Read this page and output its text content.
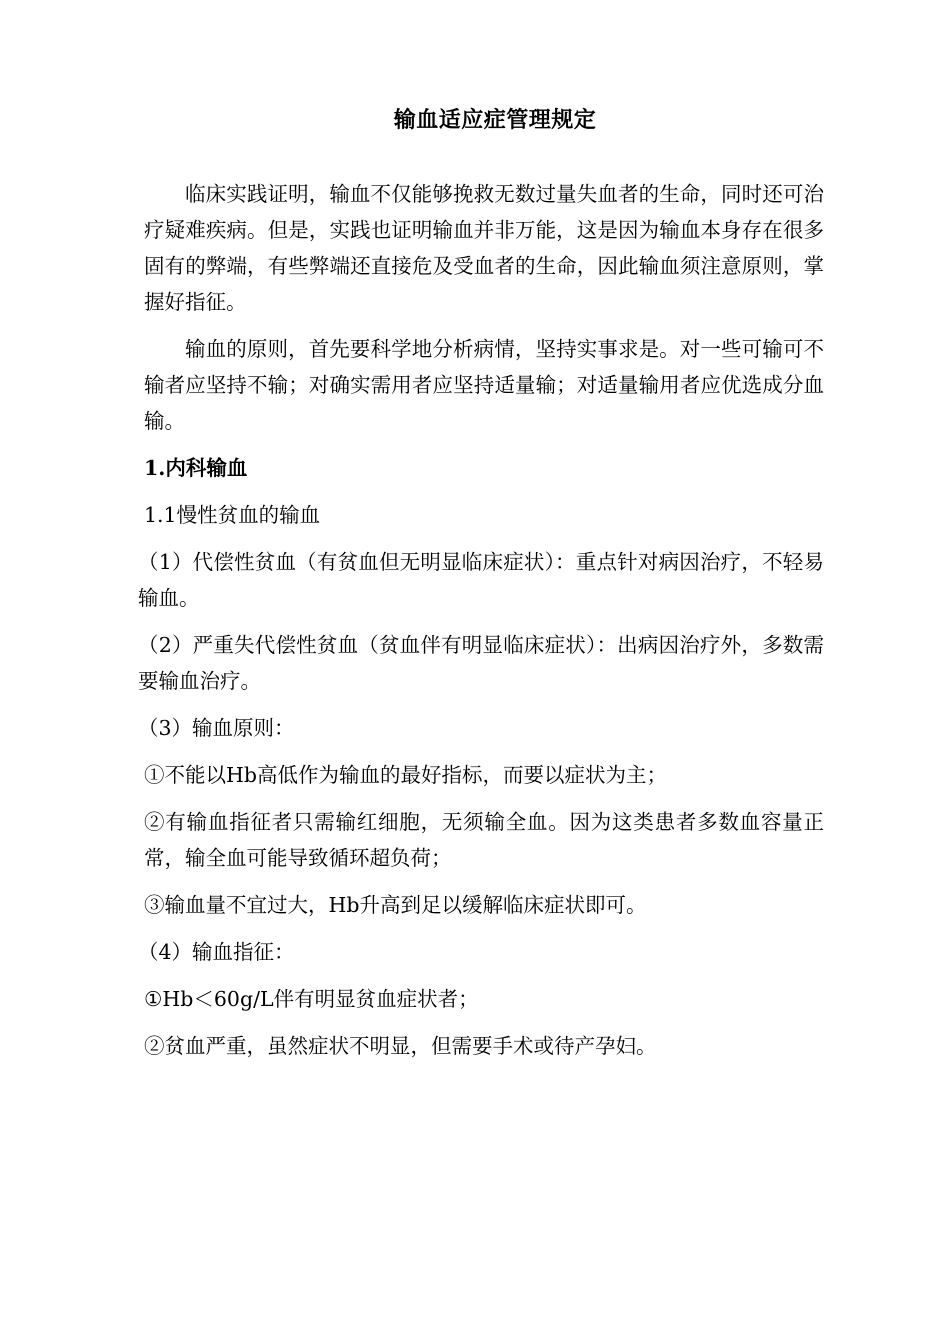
输血适应症管理规定

临床实践证明，输血不仅能够挽救无数过量失血者的生命，同时还可治疗疑难疾病。但是，实践也证明输血并非万能，这是因为输血本身存在很多固有的弊端，有些弊端还直接危及受血者的生命，因此输血须注意原则，掌握好指征。

输血的原则，首先要科学地分析病情，坚持实事求是。对一些可输可不输者应坚持不输；对确实需用者应坚持适量输；对适量输用者应优选成分血输。

1.内科输血

1.1慢性贫血的输血

（1）代偿性贫血（有贫血但无明显临床症状）：重点针对病因治疗，不轻易输血。

（2）严重失代偿性贫血（贫血伴有明显临床症状）：出病因治疗外，多数需要输血治疗。

（3）输血原则：

①不能以Hb高低作为输血的最好指标，而要以症状为主；

②有输血指征者只需输红细胞，无须输全血。因为这类患者多数血容量正常，输全血可能导致循环超负荷；

③输血量不宜过大，Hb升高到足以缓解临床症状即可。

（4）输血指征：

①Hb＜60g/L伴有明显贫血症状者；

②贫血严重，虽然症状不明显，但需要手术或待产孕妇。
